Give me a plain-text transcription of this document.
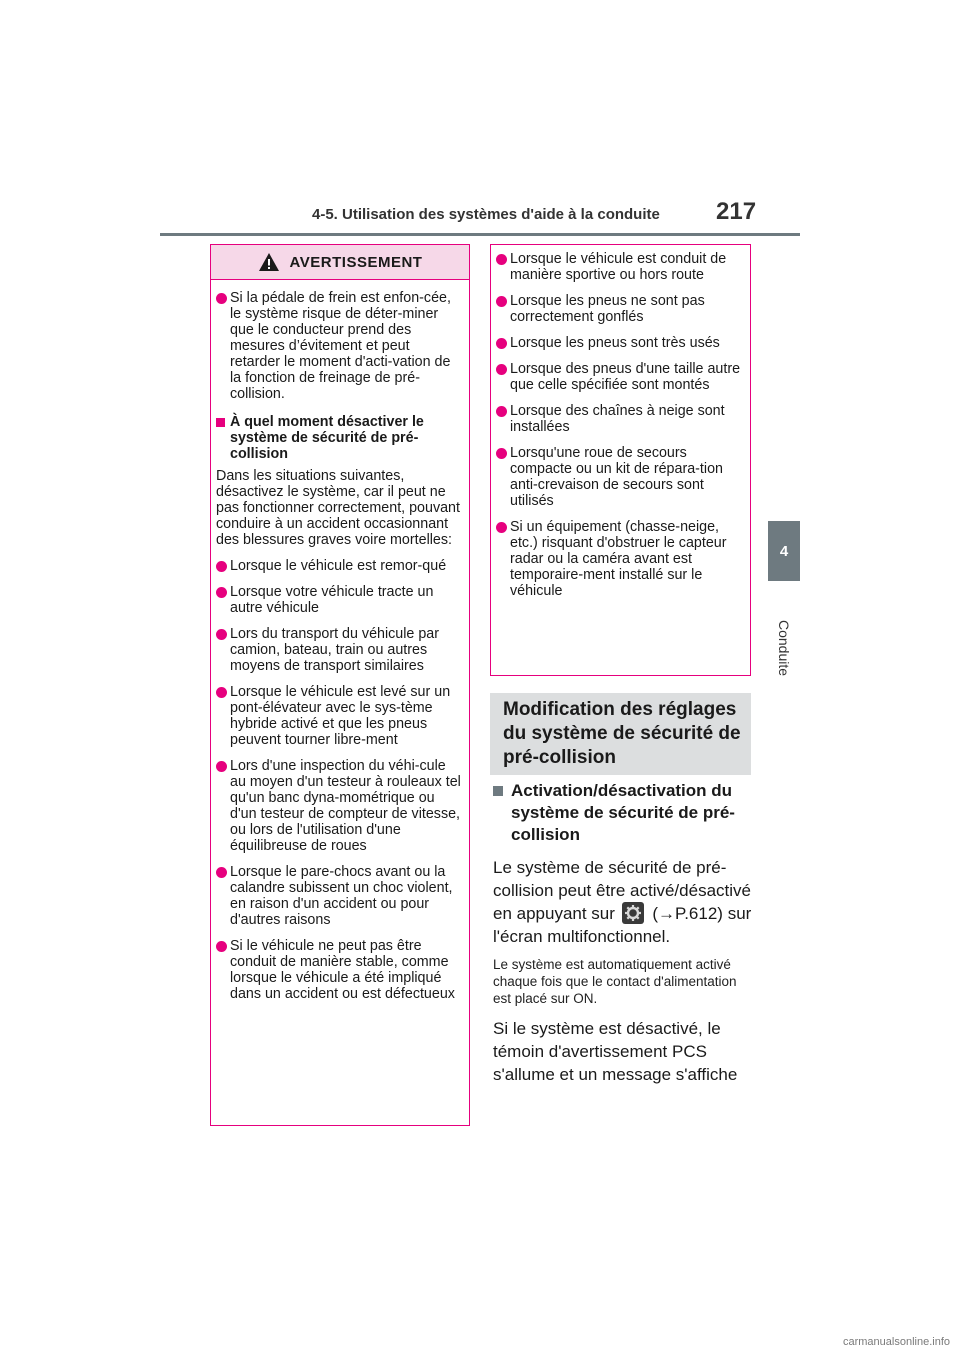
4-5. Utilisation des systèmes d'aide à la conduite	217
4
Conduite
AVERTISSEMENT
Si la pédale de frein est enfon-cée, le système risque de déter-miner que le conducteur prend des mesures d’évitement et peut retarder le moment d'acti-vation de la fonction de freinage de pré-collision.
À quel moment désactiver le système de sécurité de pré-collision
Dans les situations suivantes, désactivez le système, car il peut ne pas fonctionner correctement, pouvant conduire à un accident occasionnant des blessures graves voire mortelles:
Lorsque le véhicule est remor-qué
Lorsque votre véhicule tracte un autre véhicule
Lors du transport du véhicule par camion, bateau, train ou autres moyens de transport similaires
Lorsque le véhicule est levé sur un pont-élévateur avec le sys-tème hybride activé et que les pneus peuvent tourner libre-ment
Lors d'une inspection du véhi-cule au moyen d'un testeur à rouleaux tel qu'un banc dyna-mométrique ou d'un testeur de compteur de vitesse, ou lors de l'utilisation d'une équilibreuse de roues
Lorsque le pare-chocs avant ou la calandre subissent un choc violent, en raison d'un accident ou pour d'autres raisons
Si le véhicule ne peut pas être conduit de manière stable, comme lorsque le véhicule a été impliqué dans un accident ou est défectueux
Lorsque le véhicule est conduit de manière sportive ou hors route
Lorsque les pneus ne sont pas correctement gonflés
Lorsque les pneus sont très usés
Lorsque des pneus d'une taille autre que celle spécifiée sont montés
Lorsque des chaînes à neige sont installées
Lorsqu'une roue de secours compacte ou un kit de répara-tion anti-crevaison de secours sont utilisés
Si un équipement (chasse-neige, etc.) risquant d'obstruer le capteur radar ou la caméra avant est temporaire-ment installé sur le véhicule
Modification des réglages du système de sécurité de pré-collision
Activation/désactivation du système de sécurité de pré-collision
Le système de sécurité de pré-collision peut être activé/désactivé en appuyant sur (→P.612) sur l'écran multifonctionnel.
Le système est automatiquement activé chaque fois que le contact d'alimentation est placé sur ON.
Si le système est désactivé, le témoin d'avertissement PCS s'allume et un message s'affiche
carmanualsonline.info
